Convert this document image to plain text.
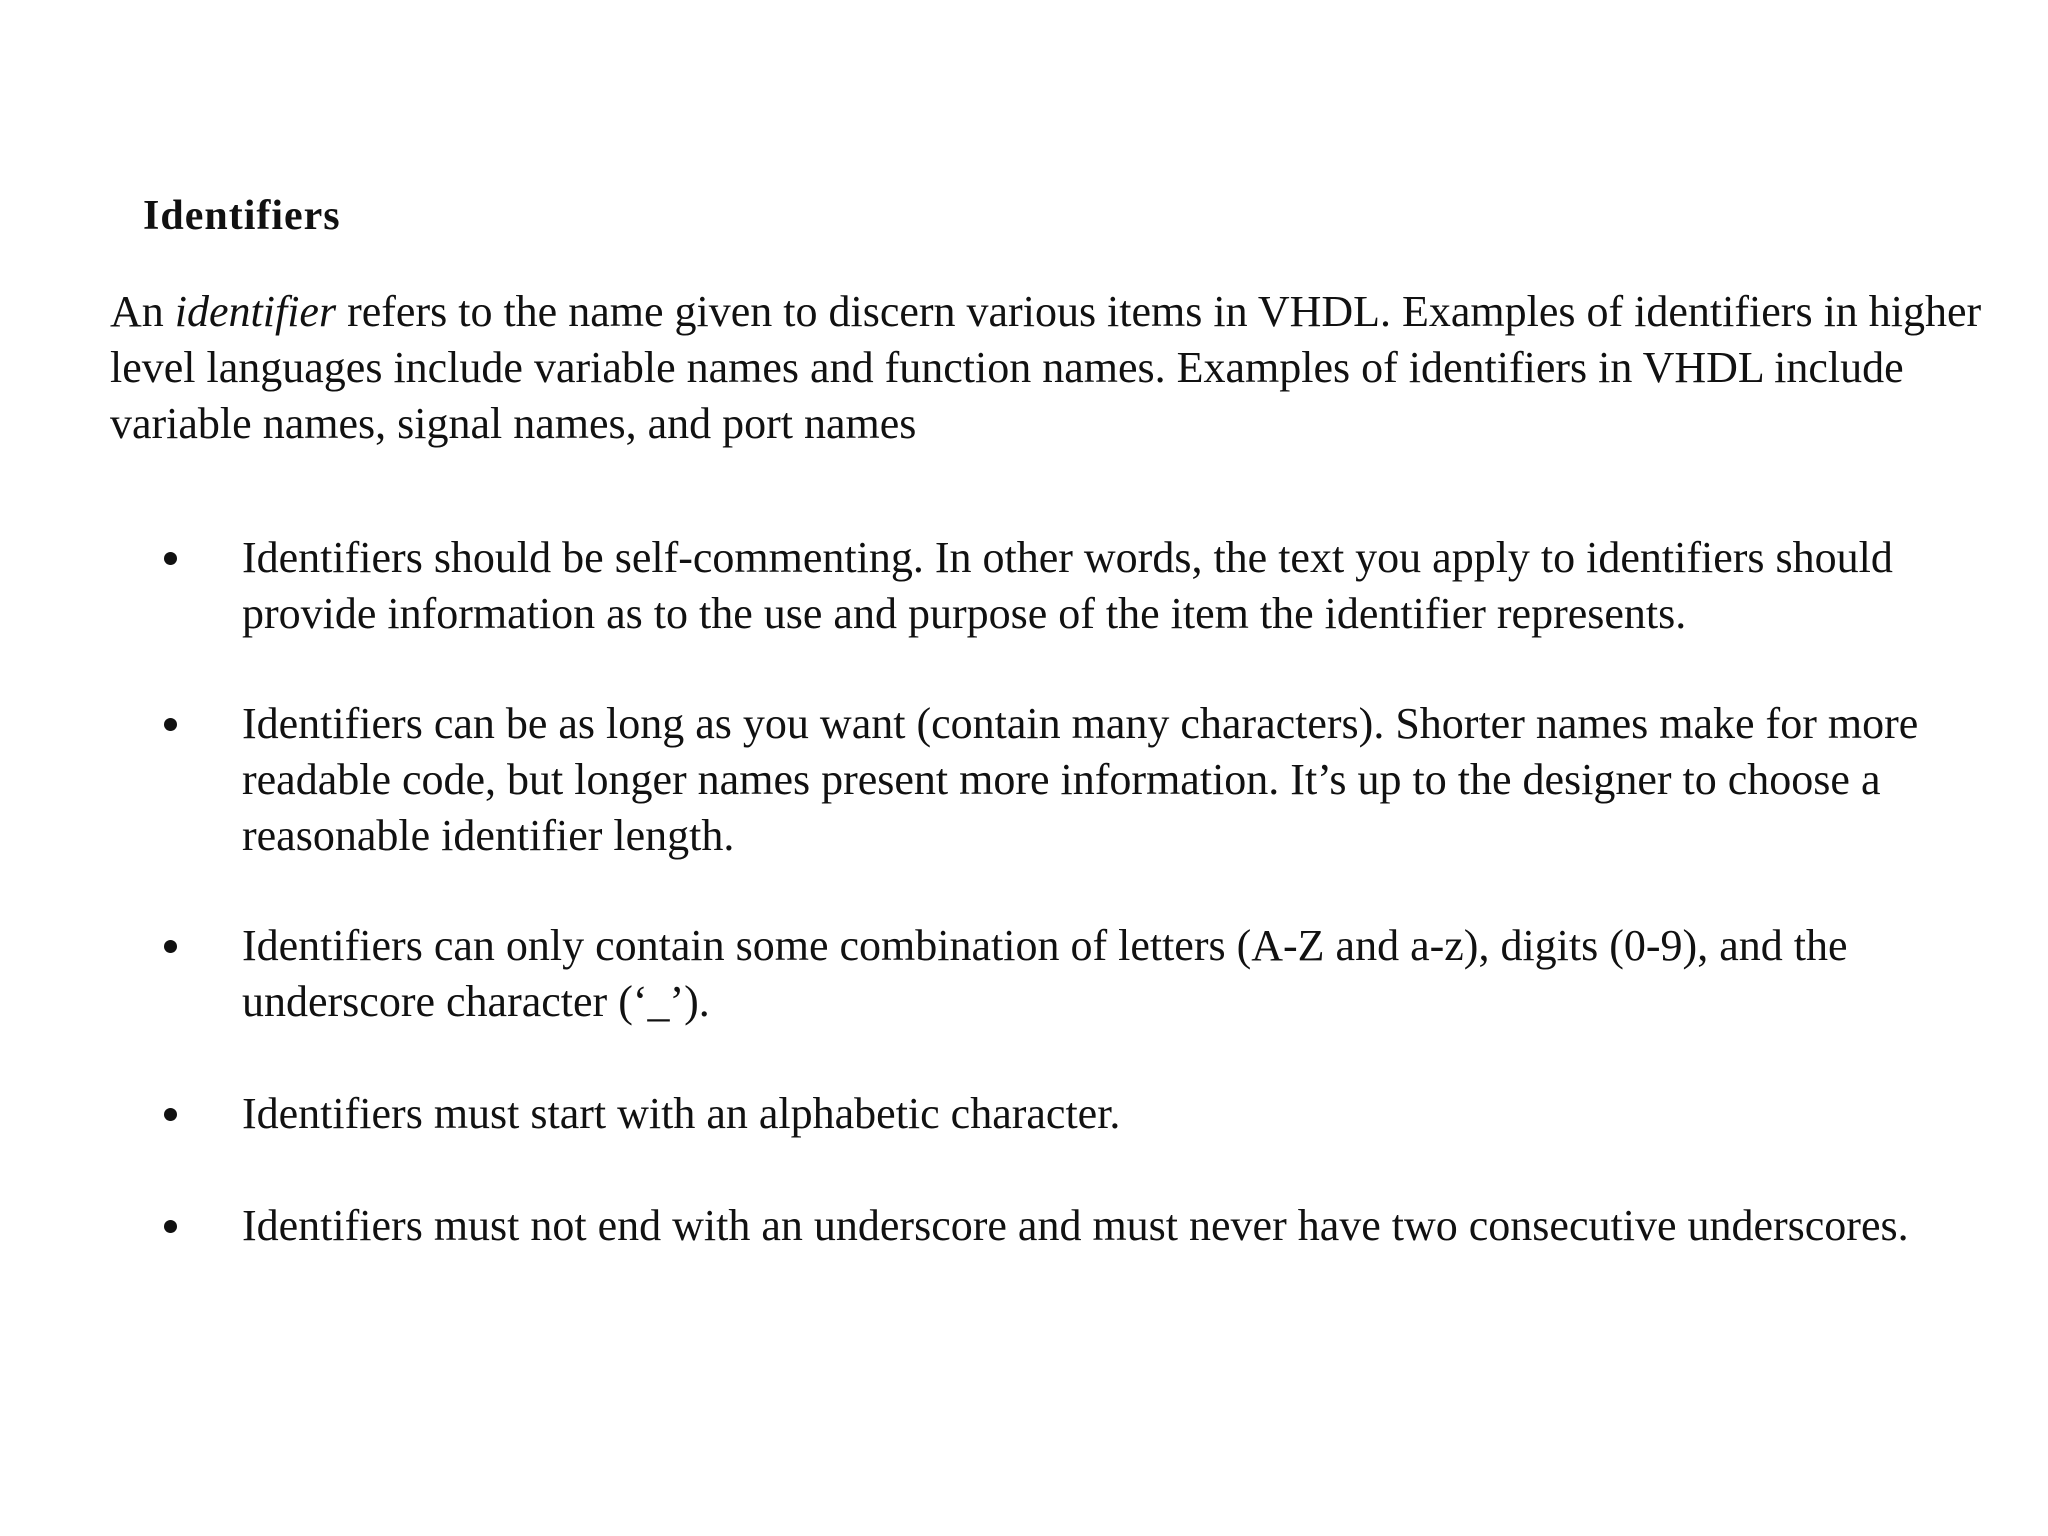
Identifiers

An identifier refers to the name given to discern various items in VHDL. Examples of identifiers in higher level languages include variable names and function names. Examples of identifiers in VHDL include variable names, signal names, and port names

Identifiers should be self-commenting. In other words, the text you apply to identifiers should provide information as to the use and purpose of the item the identifier represents.

Identifiers can be as long as you want (contain many characters). Shorter names make for more readable code, but longer names present more information. It’s up to the designer to choose a reasonable identifier length.

Identifiers can only contain some combination of letters (A-Z and a-z), digits (0-9), and the underscore character (‘_’).

Identifiers must start with an alphabetic character.

Identifiers must not end with an underscore and must never have two consecutive underscores.
